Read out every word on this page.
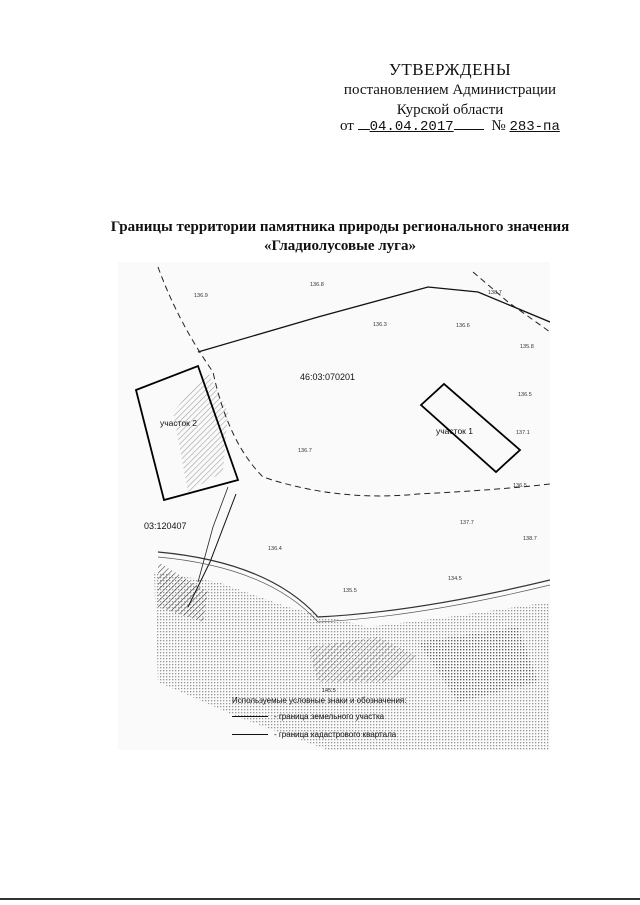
УТВЕРЖДЕНЫ
постановлением Администрации
Курской области
от 04.04.2017	№ 283-па
Границы территории памятника природы регионального значения
«Гладиолусовые луга»
46:03:070201
03:120407
участок 1
участок 2
138.7
136.3	136.6
135.8
136.5
137.1
136.5
137.7
136.4
134.5
135.5
138.7
145.5
136.8
136.9
136.7
Используемые условные знаки и обозначения:
- граница земельного участка
- граница кадастрового квартала
